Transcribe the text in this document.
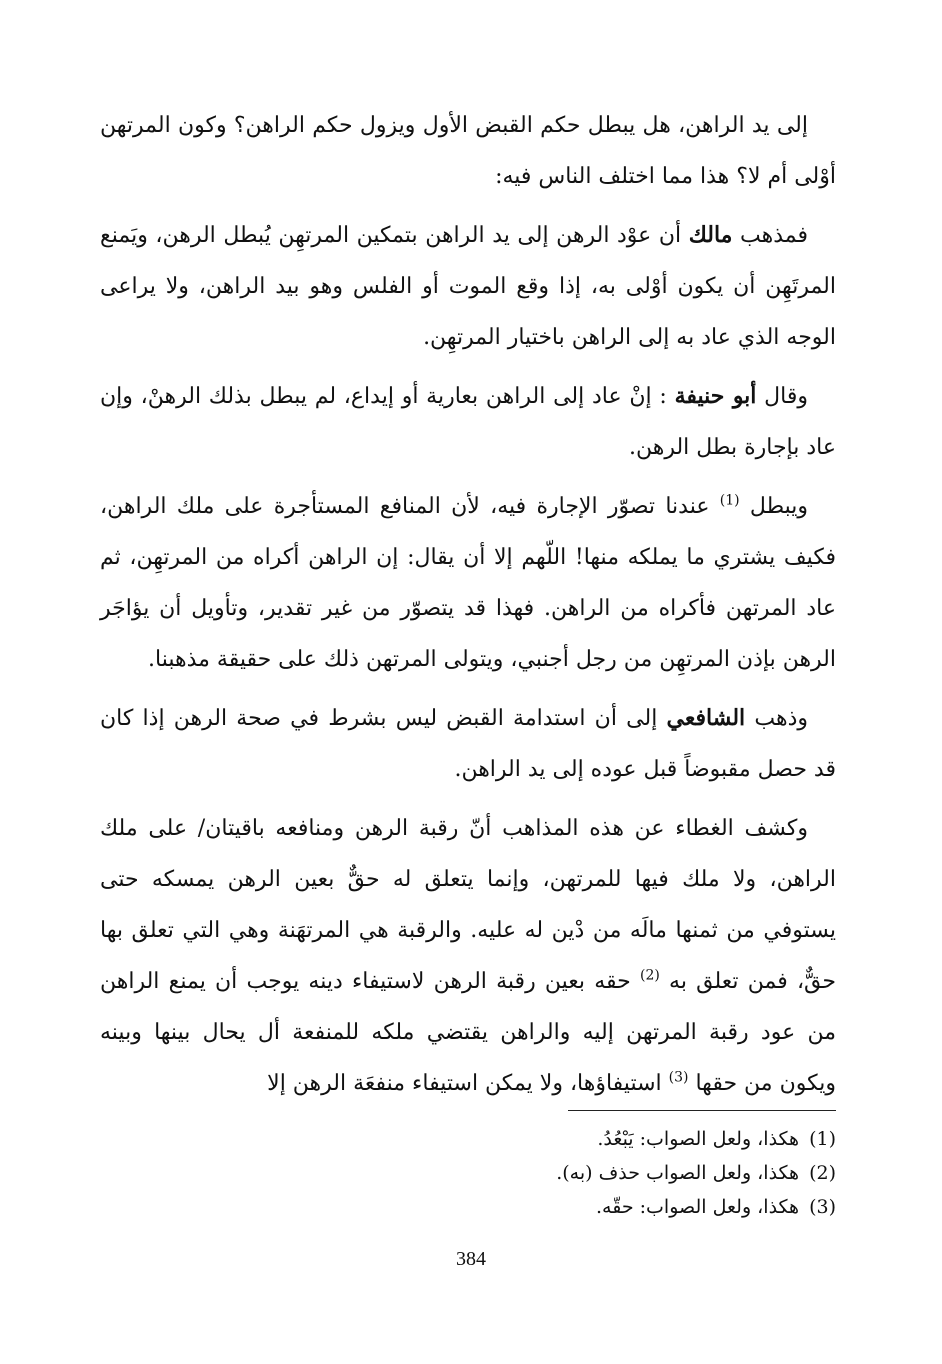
إلى يد الراهن، هل يبطل حكم القبض الأول ويزول حكم الراهن؟ وكون المرتهن أوْلى أم لا؟ هذا مما اختلف الناس فيه:

فمذهب مالك أن عوْد الرهن إلى يد الراهن بتمكين المرتهِن يُبطل الرهن، ويَمنع المرتَهِن أن يكون أوْلى به، إذا وقع الموت أو الفلس وهو بيد الراهن، ولا يراعى الوجه الذي عاد به إلى الراهن باختيار المرتهِن.

وقال أبو حنيفة : إنْ عاد إلى الراهن بعارية أو إيداع، لم يبطل بذلك الرهنْ، وإن عاد بإجارة بطل الرهن.

ويبطل $^{(1)}$ عندنا تصوّر الإجارة فيه، لأن المنافع المستأجرة على ملك الراهن، فكيف يشتري ما يملكه منها! اللّهم إلا أن يقال: إن الراهن أكراه من المرتهِن، ثم عاد المرتهن فأكراه من الراهن. فهذا قد يتصوّر من غير تقدير، وتأويل أن يؤاجَر الرهن بإذن المرتهِن من رجل أجنبي، ويتولى المرتهن ذلك على حقيقة مذهبنا.

وذهب الشافعي إلى أن استدامة القبض ليس بشرط في صحة الرهن إذا كان قد حصل مقبوضاً قبل عوده إلى يد الراهن.

وكشف الغطاء عن هذه المذاهب أنّ رقبة الرهن ومنافعه باقيتان/ على ملك الراهن، ولا ملك فيها للمرتهن، وإنما يتعلق له حقٌّ بعين الرهن يمسكه حتى يستوفي من ثمنها مالَه من دْين له عليه. والرقبة هي المرتهَنة وهي التي تعلق بها حقٌّ، فمن تعلق به $^{(2)}$ حقه بعين رقبة الرهن لاستيفاء دينه يوجب أن يمنع الراهن من عود رقبة المرتهن إليه والراهن يقتضي ملكه للمنفعة أل يحال بينها وبينه ويكون من حقها $^{(3)}$ استيفاؤها، ولا يمكن استيفاء منفعَة الرهن إلا

(1)هكذا، ولعل الصواب: يَبْعُدُ.
(2)هكذا، ولعل الصواب حذف (به).
(3)هكذا، ولعل الصواب: حقّه.
384
